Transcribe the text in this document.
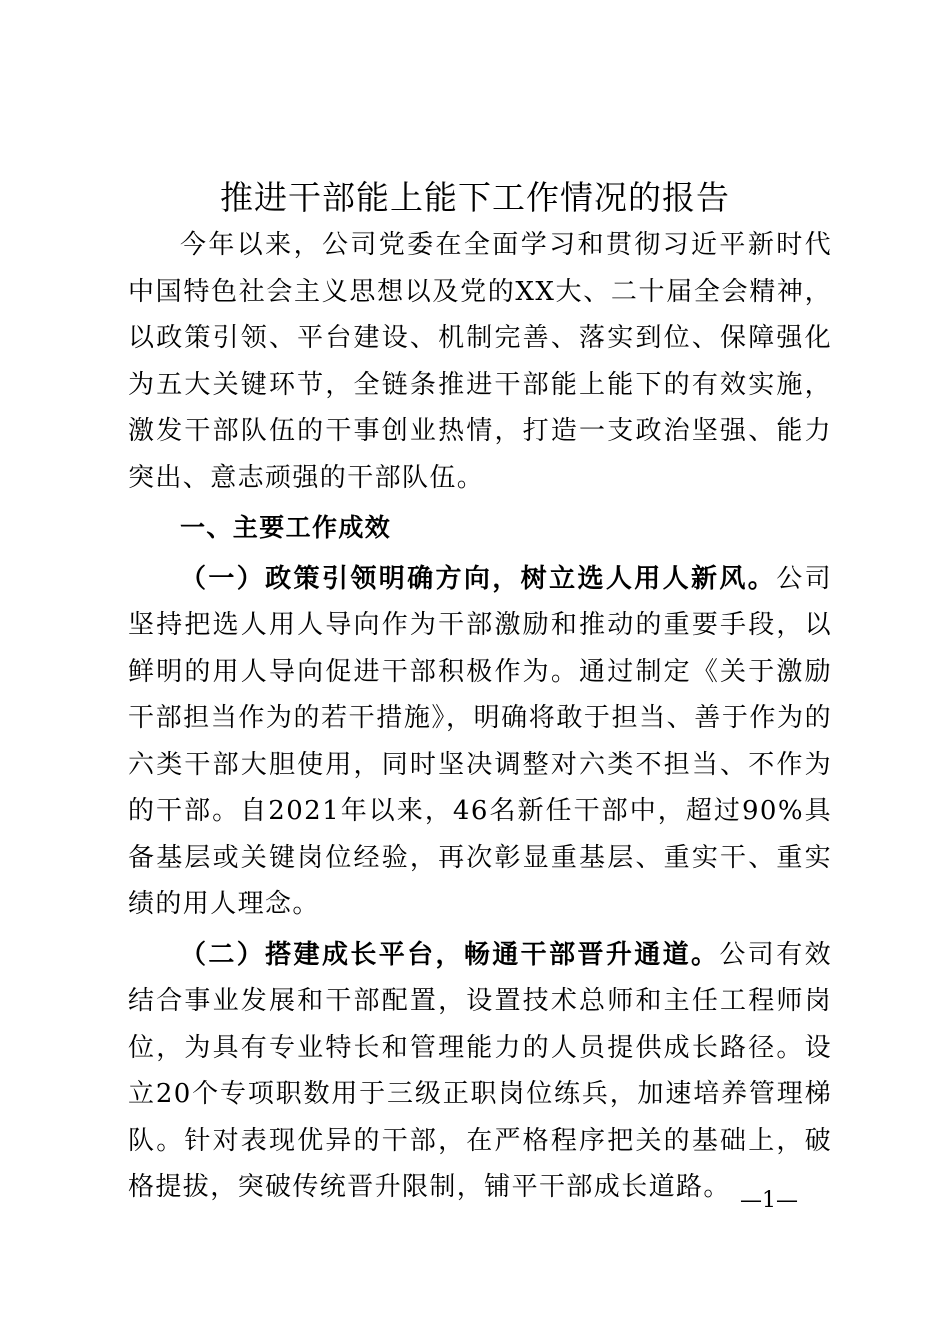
推进干部能上能下工作情况的报告

今年以来，公司党委在全面学习和贯彻习近平新时代中国特色社会主义思想以及党的XX大、二十届全会精神，以政策引领、平台建设、机制完善、落实到位、保障强化为五大关键环节，全链条推进干部能上能下的有效实施，激发干部队伍的干事创业热情，打造一支政治坚强、能力突出、意志顽强的干部队伍。

一、主要工作成效

（一）政策引领明确方向，树立选人用人新风。公司坚持把选人用人导向作为干部激励和推动的重要手段，以鲜明的用人导向促进干部积极作为。通过制定《关于激励干部担当作为的若干措施》，明确将敢于担当、善于作为的六类干部大胆使用，同时坚决调整对六类不担当、不作为的干部。自2021年以来，46名新任干部中，超过90%具备基层或关键岗位经验，再次彰显重基层、重实干、重实绩的用人理念。

（二）搭建成长平台，畅通干部晋升通道。公司有效结合事业发展和干部配置，设置技术总师和主任工程师岗位，为具有专业特长和管理能力的人员提供成长路径。设立20个专项职数用于三级正职岗位练兵，加速培养管理梯队。针对表现优异的干部，在严格程序把关的基础上，破格提拔，突破传统晋升限制，铺平干部成长道路。 —1—
